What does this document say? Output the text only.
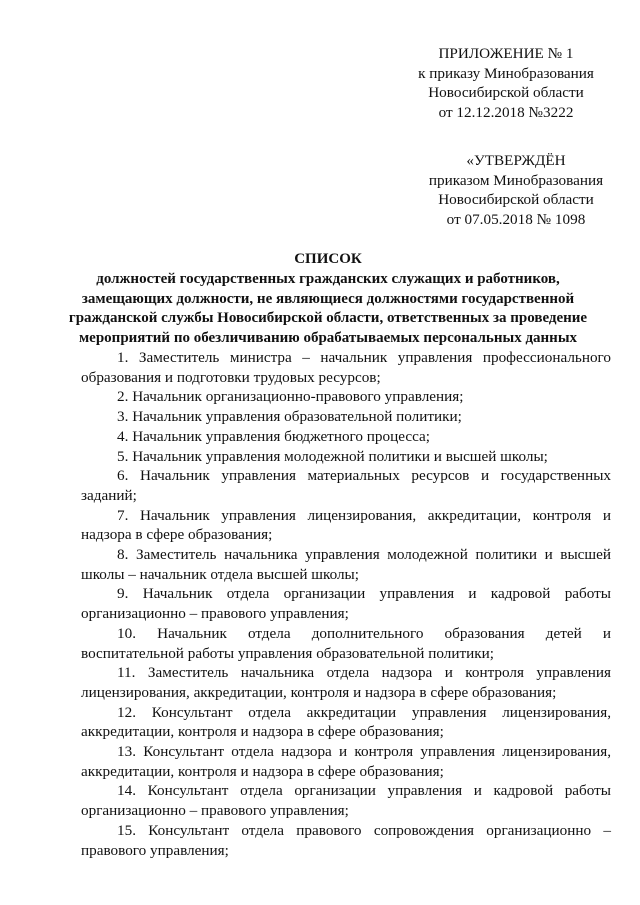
ПРИЛОЖЕНИЕ № 1
к приказу Минобразования
Новосибирской области
от 12.12.2018 №3222
«УТВЕРЖДЁН
приказом Минобразования
Новосибирской области
от 07.05.2018 № 1098
СПИСОК
должностей государственных гражданских служащих и работников,
замещающих должности, не являющиеся должностями государственной
гражданской службы Новосибирской области, ответственных за проведение
мероприятий по обезличиванию обрабатываемых персональных данных

1. Заместитель министра – начальник управления профессионального образования и подготовки трудовых ресурсов;

2. Начальник организационно-правового управления;

3. Начальник управления образовательной политики;

4. Начальник управления бюджетного процесса;

5. Начальник управления молодежной политики и высшей школы;

6. Начальник управления материальных ресурсов и государственных заданий;

7. Начальник управления лицензирования, аккредитации, контроля и надзора в сфере образования;

8. Заместитель начальника управления молодежной политики и высшей школы – начальник отдела высшей школы;

9. Начальник отдела организации управления и кадровой работы организационно – правового управления;

10. Начальник отдела дополнительного образования детей и воспитательной работы управления образовательной политики;

11. Заместитель начальника отдела надзора и контроля управления лицензирования, аккредитации, контроля и надзора в сфере образования;

12. Консультант отдела аккредитации управления лицензирования, аккредитации, контроля и надзора в сфере образования;

13. Консультант отдела надзора и контроля управления лицензирования, аккредитации, контроля и надзора в сфере образования;

14. Консультант отдела организации управления и кадровой работы организационно – правового управления;

15. Консультант отдела правового сопровождения организационно – правового управления;
